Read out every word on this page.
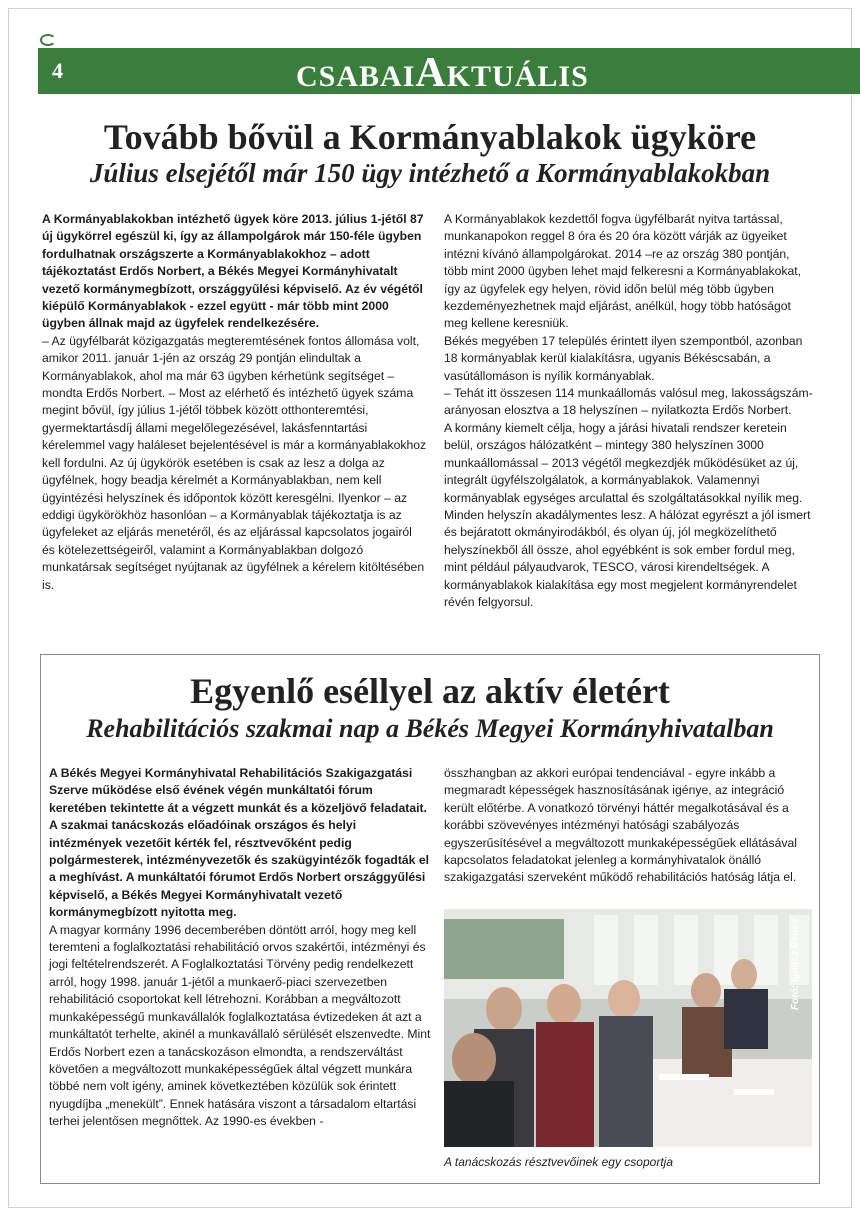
4	CSABAIAKTUÁLIS
Tovább bővül a Kormányablakok ügyköre
Július elsejétől már 150 ügy intézhető a Kormányablakokban

A Kormányablakokban intézhető ügyek köre 2013. július 1-jétől 87 új ügykörrel egészül ki, így az állampolgárok már 150-féle ügyben fordulhatnak országszerte a Kormányablakokhoz – adott tájékoztatást Erdős Norbert, a Békés Megyei Kormányhivatalt vezető kormánymegbízott, országgyűlési képviselő. Az év végétől kiépülő Kormányablakok - ezzel együtt - már több mint 2000 ügyben állnak majd az ügyfelek rendelkezésére.

– Az ügyfélbarát közigazgatás megteremtésének fontos állomása volt, amikor 2011. január 1-jén az ország 29 pontján elindultak a Kormányablakok, ahol ma már 63 ügyben kérhetünk segítséget – mondta Erdős Norbert. – Most az elérhető és intézhető ügyek száma megint bővül, így július 1-jétől többek között otthonteremtési, gyermektartásdíj állami megelőlegezésével, lakásfenntartási kérelemmel vagy haláleset bejelentésével is már a kormányablakokhoz kell fordulni. Az új ügykörök esetében is csak az lesz a dolga az ügyfélnek, hogy beadja kérelmét a Kormányablakban, nem kell ügyintézési helyszínek és időpontok között keresgélni. Ilyenkor – az eddigi ügykörökhöz hasonlóan – a Kormányablak tájékoztatja is az ügyfeleket az eljárás menetéről, és az eljárással kapcsolatos jogairól és kötelezettségeiről, valamint a Kormányablakban dolgozó munkatársak segítséget nyújtanak az ügyfélnek a kérelem kitöltésében is.

A Kormányablakok kezdettől fogva ügyfélbarát nyitva tartással, munkanapokon reggel 8 óra és 20 óra között várják az ügyeiket intézni kívánó állampolgárokat. 2014 –re az ország 380 pontján, több mint 2000 ügyben lehet majd felkeresni a Kormányablakokat, így az ügyfelek egy helyen, rövid időn belül még több ügyben kezdeményezhetnek majd eljárást, anélkül, hogy több hatóságot meg kellene keresniük.

Békés megyében 17 település érintett ilyen szempontból, azonban 18 kormányablak kerül kialakításra, ugyanis Békéscsabán, a vasútállomáson is nyílik kormányablak.

– Tehát itt összesen 114 munkaállomás valósul meg, lakosságszám-arányosan elosztva a 18 helyszínen – nyilatkozta Erdős Norbert.

A kormány kiemelt célja, hogy a járási hivatali rendszer keretein belül, országos hálózatként – mintegy 380 helyszínen 3000 munkaállomással – 2013 végétől megkezdjék működésüket az új, integrált ügyfélszolgálatok, a kormányablakok. Valamennyi kormányablak egységes arculattal és szolgáltatásokkal nyílik meg. Minden helyszín akadálymentes lesz. A hálózat egyrészt a jól ismert és bejáratott okmányirodákból, és olyan új, jól megközelíthető helyszínekből áll össze, ahol egyébként is sok ember fordul meg, mint például pályaudvarok, TESCO, városi kirendeltségek. A kormányablakok kialakítása egy most megjelent kormányrendelet révén felgyorsul.

Egyenlő eséllyel az aktív életért
Rehabilitációs szakmai nap a Békés Megyei Kormányhivatalban

A Békés Megyei Kormányhivatal Rehabilitációs Szakigazgatási Szerve működése első évének végén munkáltatói fórum keretében tekintette át a végzett munkát és a közeljövő feladatait. A szakmai tanácskozás előadóinak országos és helyi intézmények vezetőit kérték fel, résztvevőként pedig polgármesterek, intézményvezetők és szakügyintézők fogadták el a meghívást. A munkáltatói fórumot Erdős Norbert országgyűlési képviselő, a Békés Megyei Kormányhivatalt vezető kormánymegbízott nyitotta meg.

A magyar kormány 1996 decemberében döntött arról, hogy meg kell teremteni a foglalkoztatási rehabilitáció orvos szakértői, intézményi és jogi feltételrendszerét. A Foglalkoztatási Törvény pedig rendelkezett arról, hogy 1998. január 1-jétől a munkaerő-piaci szervezetben rehabilitáció csoportokat kell létrehozni. Korábban a megváltozott munkaképességű munkavállalók foglalkoztatása évtizedeken át azt a munkáltatót terhelte, akinél a munkavállaló sérülését elszenvedte. Mint Erdős Norbert ezen a tanácskozáson elmondta, a rendszerváltást követően a megváltozott munkaképességűek által végzett munkára többé nem volt igény, aminek következtében közülük sok érintett nyugdíjba „menekült”. Ennek hatására viszont a társadalom eltartási terhei jelentősen megnőttek. Az 1990-es években -

összhangban az akkori európai tendenciával - egyre inkább a megmaradt képességek hasznosításának igénye, az integráció került előtérbe. A vonatkozó törvényi háttér megalkotásával és a korábbi szövevényes intézményi hatósági szabályozás egyszerűsítésével a megváltozott munkaképességűek ellátásával kapcsolatos feladatokat jelenleg a kormányhivatalok önálló szakigazgatási szerveként működő rehabilitációs hatóság látja el.

Fotó: Ignácz Bence
A tanácskozás résztvevőinek egy csoportja
